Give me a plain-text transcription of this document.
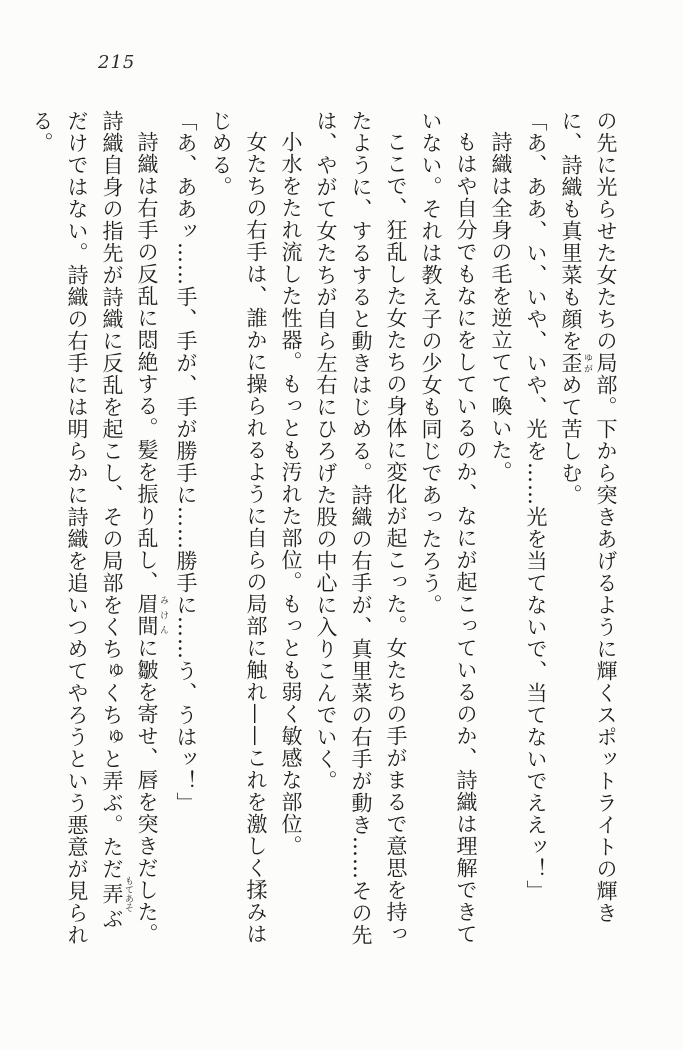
215

の先に光らせた女たちの局部。下から突きあげるように輝くスポットライトの輝きに、詩織も真里菜も顔を歪 ゆがめて苦しむ。

「あ、ああ、い、いや、いや、光を……光を当てないで、当てないでええッ！」

詩織は全身の毛を逆立てて喚いた。

もはや自分でもなにをしているのか、なにが起こっているのか、詩織は理解できていない。それは教え子の少女も同じであったろう。

ここで、狂乱した女たちの身体に変化が起こった。女たちの手がまるで意思を持ったように、するすると動きはじめる。詩織の右手が、真里菜の右手が動き……その先は、やがて女たちが自ら左右にひろげた股の中心に入りこんでいく。

小水をたれ流した性器。もっとも汚れた部位。もっとも弱く敏感な部位。

女たちの右手は、誰かに操られるように自らの局部に触れ——これを激しく揉みはじめる。

「あ、ああッ……手、手が、手が勝手に……勝手に……う、うはッ！」

詩織は右手の反乱に悶絶する。髪を振り乱し、眉間 みけんに皺を寄せ、唇を突きだした。詩織自身の指先が詩織に反乱を起こし、その局部をくちゅくちゅと弄ぶ。ただ弄 もてあそぶだけではない。詩織の右手には明らかに詩織を追いつめてやろうという悪意が見られる。
